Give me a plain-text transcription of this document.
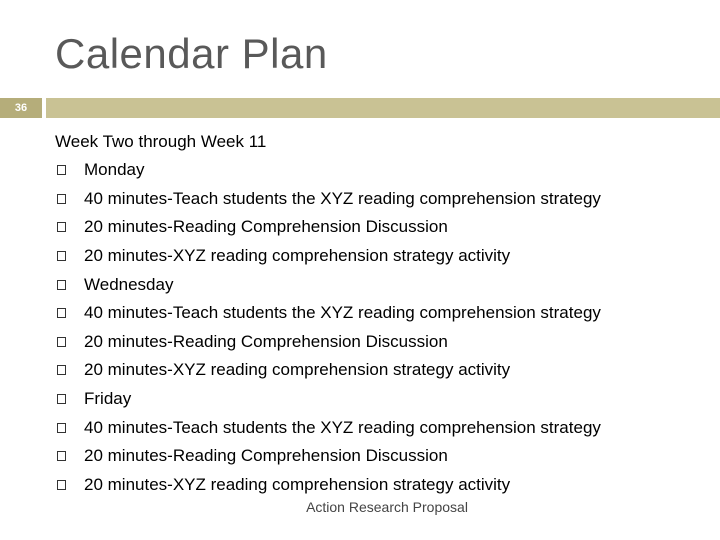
Calendar Plan
36
Week Two through Week 11
Monday
40 minutes-Teach students the XYZ reading comprehension strategy
20 minutes-Reading Comprehension Discussion
20 minutes-XYZ reading comprehension strategy activity
Wednesday
40 minutes-Teach students the XYZ reading comprehension strategy
20 minutes-Reading Comprehension Discussion
20 minutes-XYZ reading comprehension strategy activity
Friday
40 minutes-Teach students the XYZ reading comprehension strategy
20 minutes-Reading Comprehension Discussion
20 minutes-XYZ reading comprehension strategy activity
Action Research Proposal
